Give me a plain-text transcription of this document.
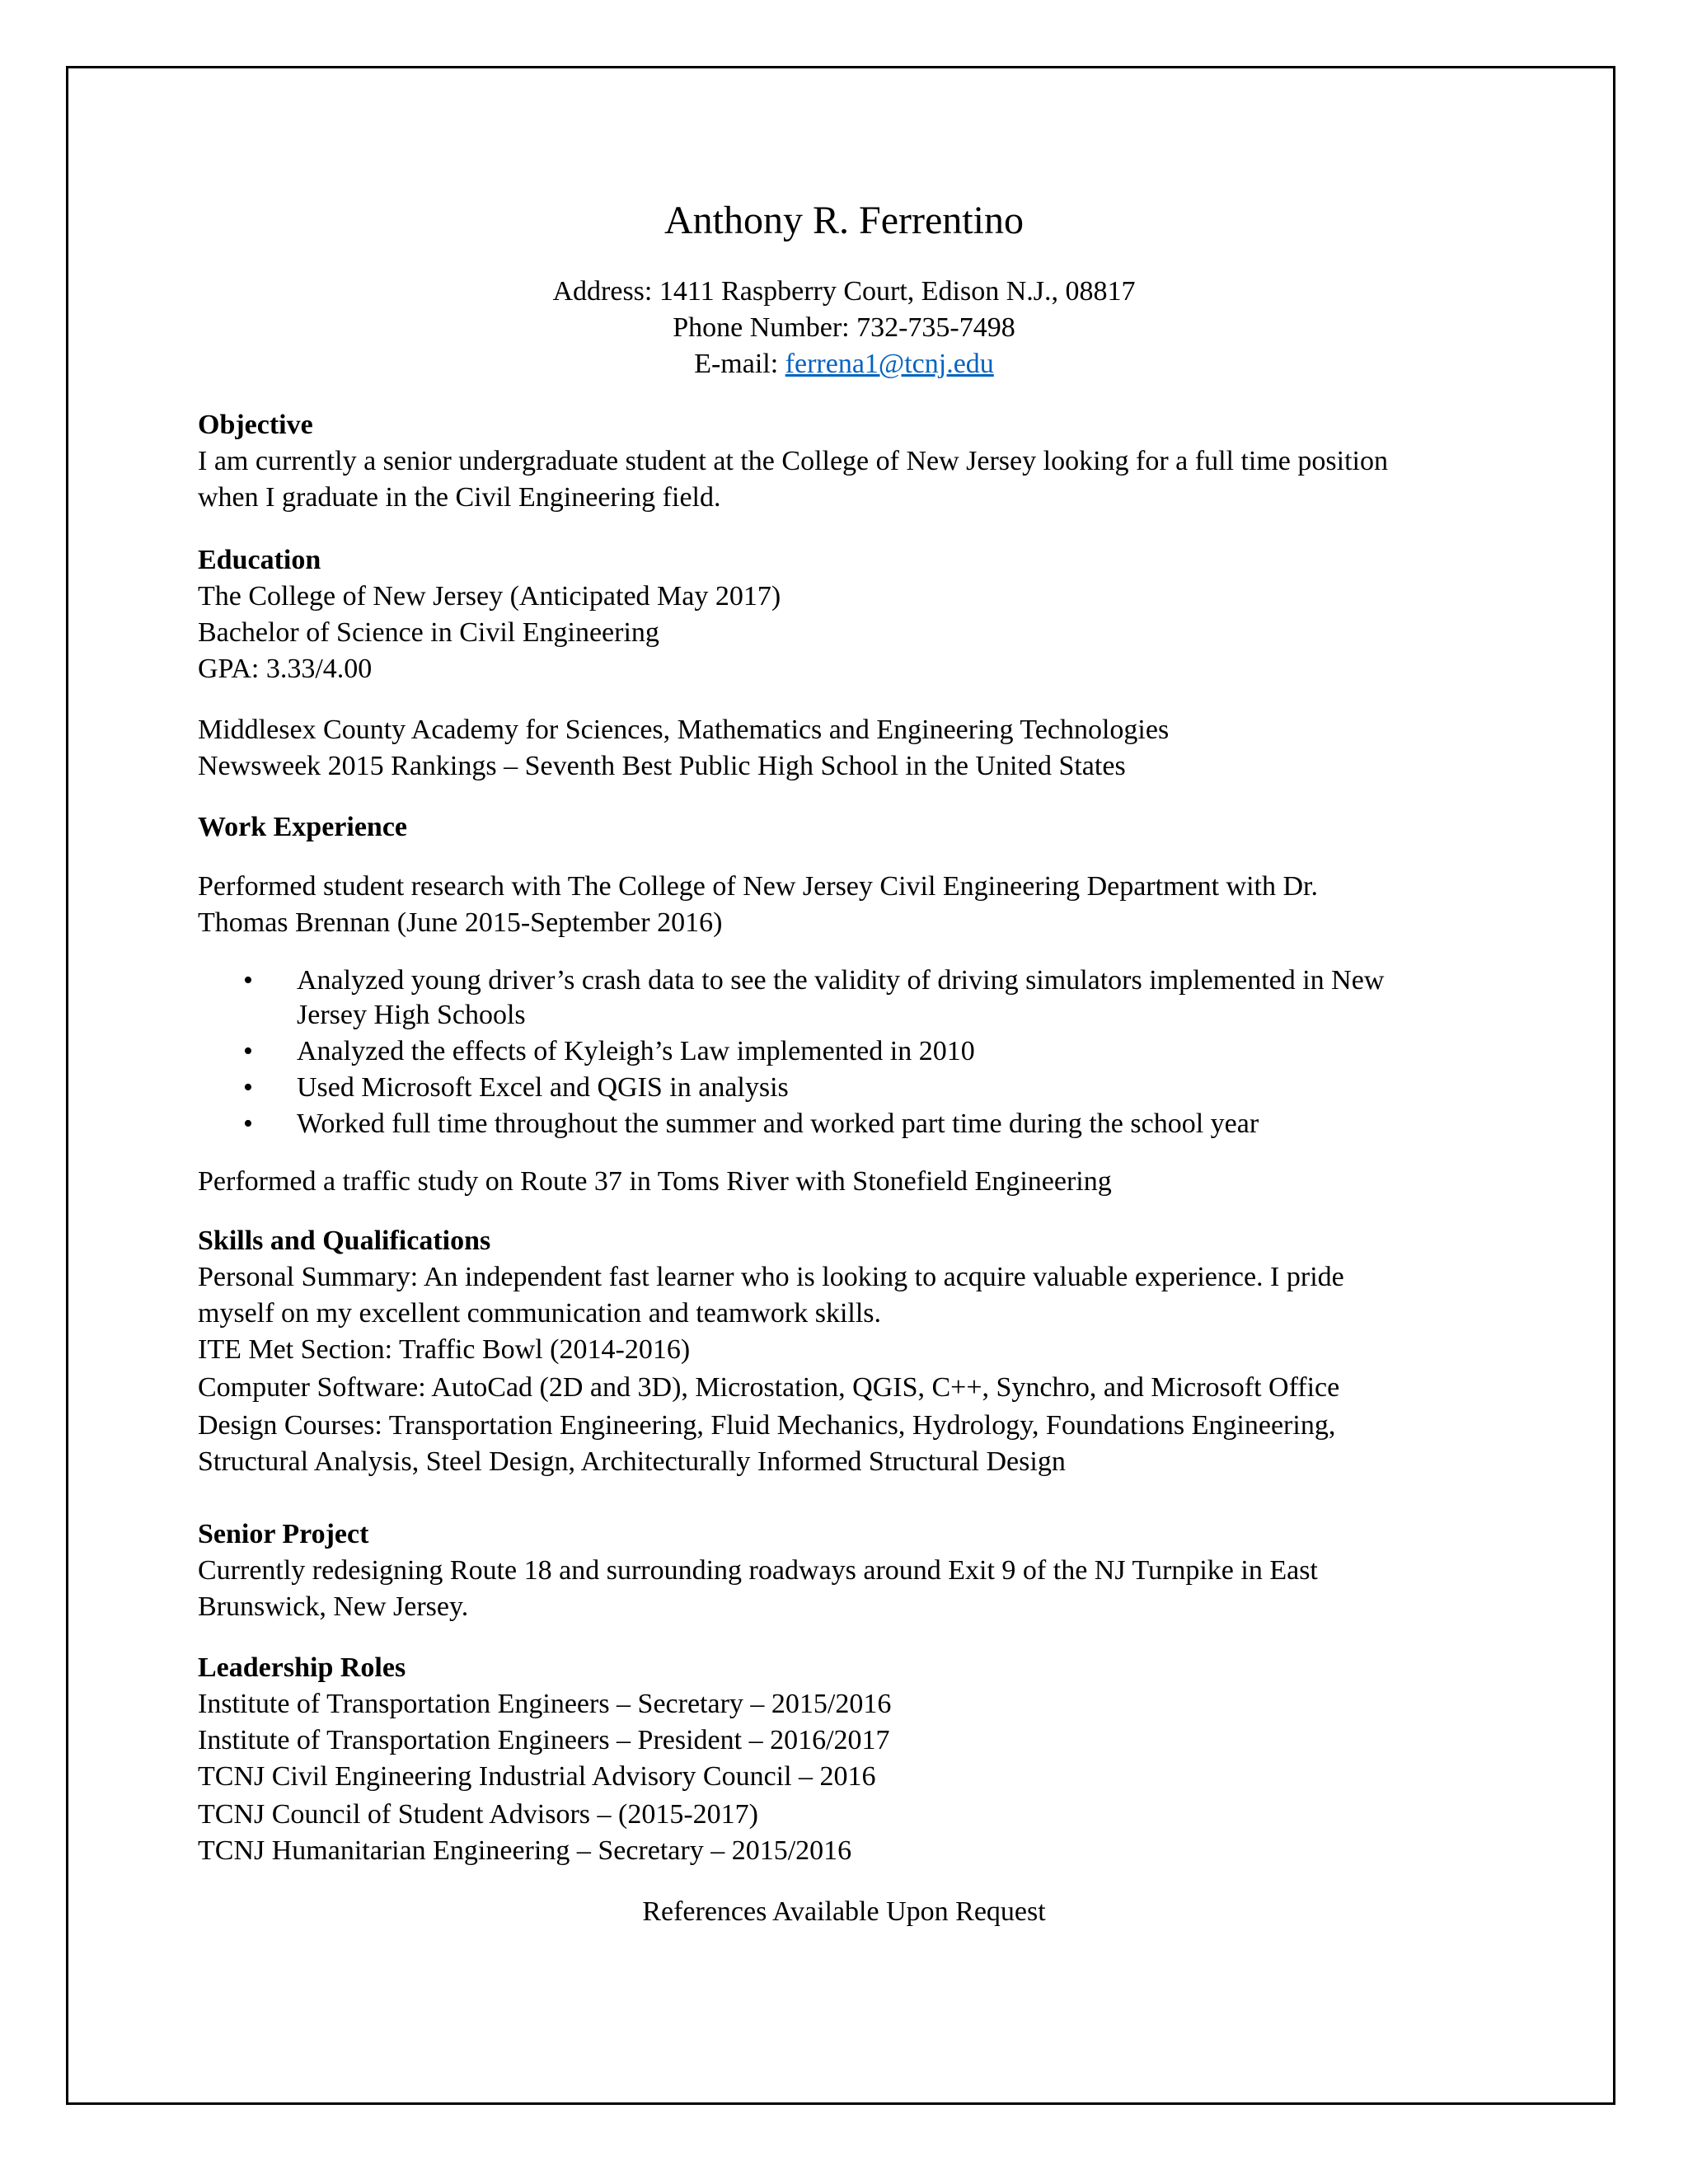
Anthony R. Ferrentino
Address: 1411 Raspberry Court, Edison N.J., 08817
Phone Number: 732-735-7498
E-mail: ferrena1@tcnj.edu
Objective
I am currently a senior undergraduate student at the College of New Jersey looking for a full time position
when I graduate in the Civil Engineering field.
Education
The College of New Jersey (Anticipated May 2017)
Bachelor of Science in Civil Engineering
GPA: 3.33/4.00
Middlesex County Academy for Sciences, Mathematics and Engineering Technologies
Newsweek 2015 Rankings – Seventh Best Public High School in the United States
Work Experience
Performed student research with The College of New Jersey Civil Engineering Department with Dr.
Thomas Brennan (June 2015-September 2016)
• Analyzed young driver’s crash data to see the validity of driving simulators implemented in New
Jersey High Schools
• Analyzed the effects of Kyleigh’s Law implemented in 2010
• Used Microsoft Excel and QGIS in analysis
• Worked full time throughout the summer and worked part time during the school year
Performed a traffic study on Route 37 in Toms River with Stonefield Engineering
Skills and Qualifications
Personal Summary: An independent fast learner who is looking to acquire valuable experience. I pride
myself on my excellent communication and teamwork skills.
ITE Met Section: Traffic Bowl (2014-2016)
Computer Software: AutoCad (2D and 3D), Microstation, QGIS, C++, Synchro, and Microsoft Office
Design Courses: Transportation Engineering, Fluid Mechanics, Hydrology, Foundations Engineering,
Structural Analysis, Steel Design, Architecturally Informed Structural Design
Senior Project
Currently redesigning Route 18 and surrounding roadways around Exit 9 of the NJ Turnpike in East
Brunswick, New Jersey.
Leadership Roles
Institute of Transportation Engineers – Secretary – 2015/2016
Institute of Transportation Engineers – President – 2016/2017
TCNJ Civil Engineering Industrial Advisory Council – 2016
TCNJ Council of Student Advisors – (2015-2017)
TCNJ Humanitarian Engineering – Secretary – 2015/2016
References Available Upon Request
